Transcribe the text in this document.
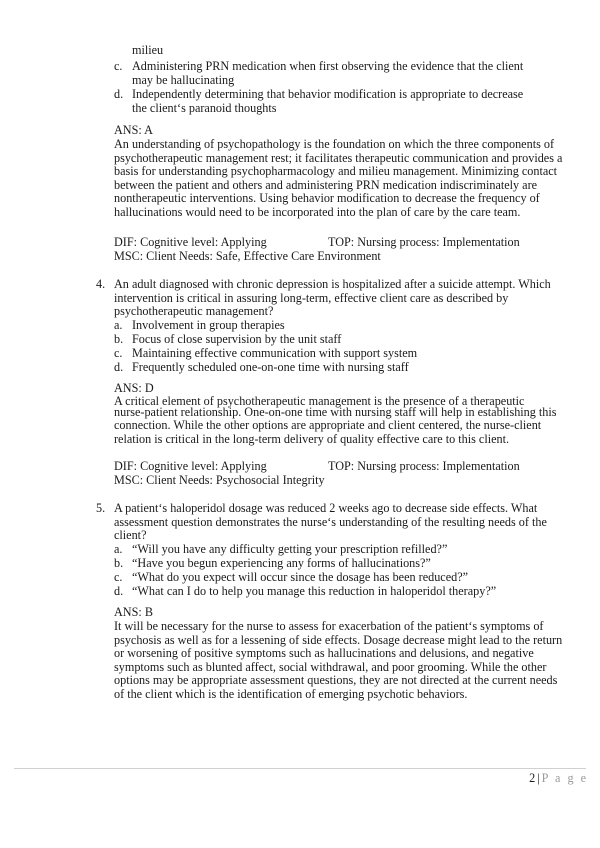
milieu
c. Administering PRN medication when first observing the evidence that the client
may be hallucinating
d. Independently determining that behavior modification is appropriate to decrease
the client‘s paranoid thoughts
ANS: A
An understanding of psychopathology is the foundation on which the three components of
psychotherapeutic management rest; it facilitates therapeutic communication and provides a
basis for understanding psychopharmacology and milieu management. Minimizing contact
between the patient and others and administering PRN medication indiscriminately are
nontherapeutic interventions. Using behavior modification to decrease the frequency of
hallucinations would need to be incorporated into the plan of care by the care team.
DIF: Cognitive level: Applying	TOP: Nursing process: Implementation
MSC: Client Needs: Safe, Effective Care Environment
4. An adult diagnosed with chronic depression is hospitalized after a suicide attempt. Which
intervention is critical in assuring long-term, effective client care as described by
psychotherapeutic management?
a. Involvement in group therapies
b. Focus of close supervision by the unit staff
c. Maintaining effective communication with support system
d. Frequently scheduled one-on-one time with nursing staff
ANS: D
A critical element of psychotherapeutic management is the presence of a therapeutic
nurse-patient relationship. One-on-one time with nursing staff will help in establishing this
connection. While the other options are appropriate and client centered, the nurse-client
relation is critical in the long-term delivery of quality effective care to this client.
DIF: Cognitive level: Applying	TOP: Nursing process: Implementation
MSC: Client Needs: Psychosocial Integrity
5. A patient‘s haloperidol dosage was reduced 2 weeks ago to decrease side effects. What
assessment question demonstrates the nurse‘s understanding of the resulting needs of the
client?
a. “Will you have any difficulty getting your prescription refilled?”
b. “Have you begun experiencing any forms of hallucinations?”
c. “What do you expect will occur since the dosage has been reduced?”
d. “What can I do to help you manage this reduction in haloperidol therapy?”
ANS: B
It will be necessary for the nurse to assess for exacerbation of the patient‘s symptoms of
psychosis as well as for a lessening of side effects. Dosage decrease might lead to the return
or worsening of positive symptoms such as hallucinations and delusions, and negative
symptoms such as blunted affect, social withdrawal, and poor grooming. While the other
options may be appropriate assessment questions, they are not directed at the current needs
of the client which is the identification of emerging psychotic behaviors.
2 | P a g e
